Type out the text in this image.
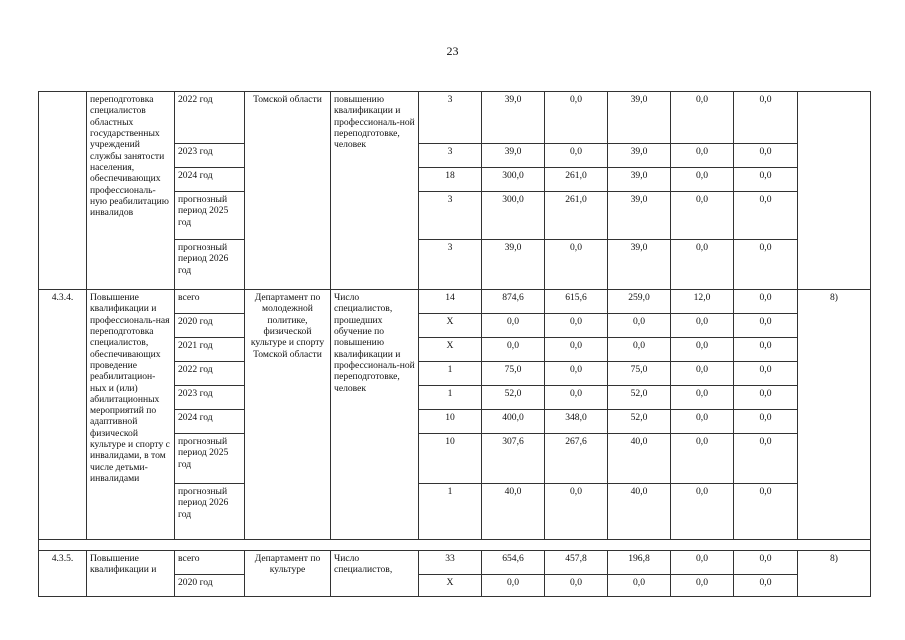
23
	переподготовка специалистов областных государственных учреждений службы занятости населения, обеспечивающих профессиональ-ную реабилитацию инвалидов	2022 год	Томской области	повышению квалификации и профессиональ-ной переподготовке, человек	3	39,0	0,0	39,0	0,0	0,0	
		2023 год			3	39,0	0,0	39,0	0,0	0,0	
		2024 год			18	300,0	261,0	39,0	0,0	0,0	
		прогнозный период 2025 год			3	300,0	261,0	39,0	0,0	0,0	
		прогнозный период 2026 год			3	39,0	0,0	39,0	0,0	0,0	
4.3.4.	Повышение квалификации и профессиональ-ная переподготовка специалистов, обеспечивающих проведение реабилитацион-ных и (или) абилитационных мероприятий по адаптивной физической культуре и спорту с инвалидами, в том числе детьми-инвалидами	всего	Департамент по молодежной политике, физической культуре и спорту Томской области	Число специалистов, прошедших обучение по повышению квалификации и профессиональ-ной переподготовке, человек	14	874,6	615,6	259,0	12,0	0,0	8)
		2020 год			X	0,0	0,0	0,0	0,0	0,0	
		2021 год			X	0,0	0,0	0,0	0,0	0,0	
		2022 год			1	75,0	0,0	75,0	0,0	0,0	
		2023 год			1	52,0	0,0	52,0	0,0	0,0	
		2024 год			10	400,0	348,0	52,0	0,0	0,0	
		прогнозный период 2025 год			10	307,6	267,6	40,0	0,0	0,0	
		прогнозный период 2026 год			1	40,0	0,0	40,0	0,0	0,0	

4.3.5.	Повышение квалификации и	всего	Департамент по культуре	Число специалистов,	33	654,6	457,8	196,8	0,0	0,0	8)
		2020 год			X	0,0	0,0	0,0	0,0	0,0	
